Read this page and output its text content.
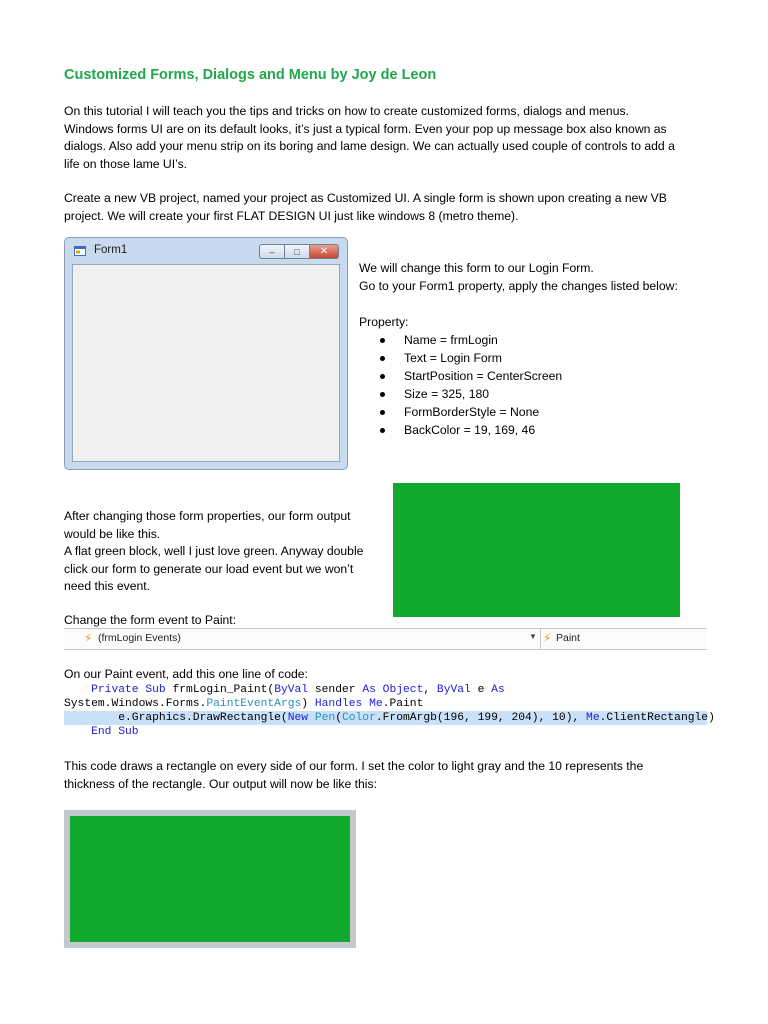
Customized Forms, Dialogs and Menu by Joy de Leon
On this tutorial I will teach you the tips and tricks on how to create customized forms, dialogs and menus.
Windows forms UI are on its default looks, it’s just a typical form. Even your pop up message box also known as
dialogs. Also add your menu strip on its boring and lame design. We can actually used couple of controls to add a
life on those lame UI’s.
Create a new VB project, named your project as Customized UI. A single form is shown upon creating a new VB
project. We will create your first FLAT DESIGN UI just like windows 8 (metro theme).
Form1	–	□	✕
We will change this form to our Login Form.
Go to your Form1 property, apply the changes listed below:
Property:
Name = frmLogin
Text = Login Form
StartPosition = CenterScreen
Size = 325, 180
FormBorderStyle = None
BackColor = 19, 169, 46
After changing those form properties, our form output
would be like this.
A flat green block, well I just love green. Anyway double
click our form to generate our load event but we won’t
need this event.
Change the form event to Paint:
⚡ (frmLogin Events)	▼ ⚡ Paint
On our Paint event, add this one line of code:
Private Sub frmLogin_Paint(ByVal sender As Object, ByVal e As
System.Windows.Forms.PaintEventArgs) Handles Me.Paint
e.Graphics.DrawRectangle(New Pen(Color.FromArgb(196, 199, 204), 10), Me.ClientRectangle)
End Sub
This code draws a rectangle on every side of our form. I set the color to light gray and the 10 represents the
thickness of the rectangle. Our output will now be like this:
